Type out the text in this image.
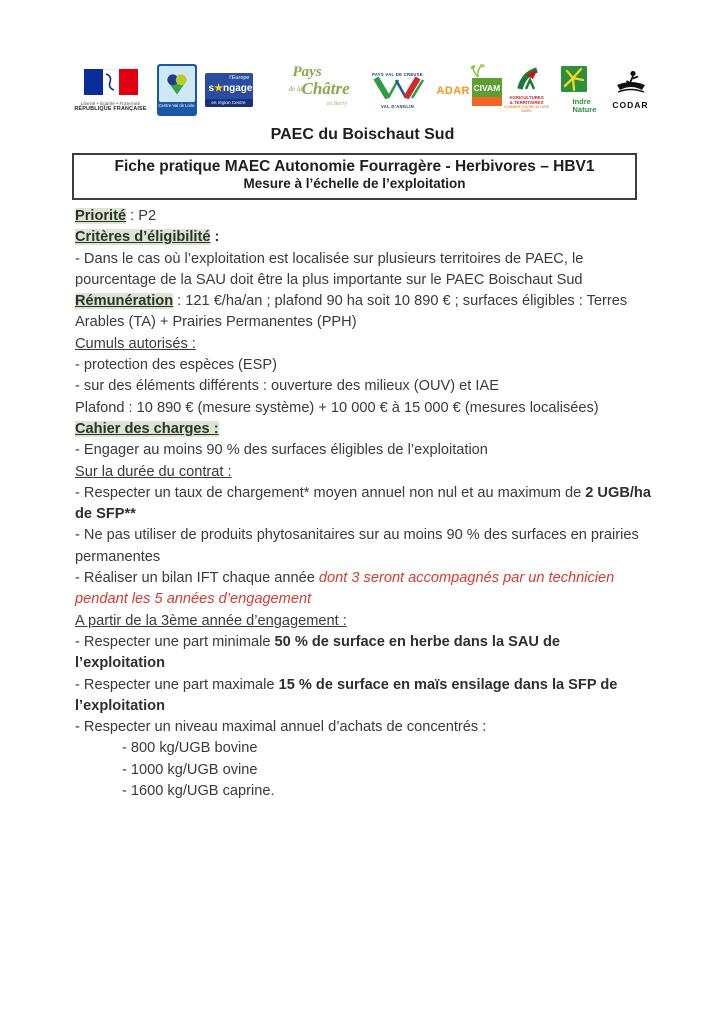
Liberté • Égalité • Fraternité
RÉPUBLIQUE FRANÇAISE	Centre-Val de Loire
l’Europe
s★ngage
en région Centre
Pays
de la Châtre
en Berry
PAYS VAL DE CREUSE
VAL D’ANGLIN
ADAR CIVAM
AGRICULTURES
& TERRITOIRES
CHAMBRE D’AGRICULTURE
INDRE
Indre
Nature	CODAR
PAEC du Boischaut Sud
Fiche pratique MAEC Autonomie Fourragère - Herbivores – HBV1
Mesure à l’échelle de l’exploitation

Priorité : P2

Critères d’éligibilité :

- Dans le cas où l’exploitation est localisée sur plusieurs territoires de PAEC, le pourcentage de la SAU doit être la plus importante sur le PAEC Boischaut Sud

Rémunération : 121 €/ha/an ; plafond 90 ha soit 10 890 € ; surfaces éligibles : Terres Arables (TA) + Prairies Permanentes (PPH)

Cumuls autorisés :

- protection des espèces (ESP)

- sur des éléments différents : ouverture des milieux (OUV) et IAE

Plafond : 10 890 € (mesure système) + 10 000 € à 15 000 € (mesures localisées)

Cahier des charges :

- Engager au moins 90 % des surfaces éligibles de l’exploitation

Sur la durée du contrat :

- Respecter un taux de chargement* moyen annuel non nul et au maximum de 2 UGB/ha de SFP**

- Ne pas utiliser de produits phytosanitaires sur au moins 90 % des surfaces en prairies permanentes

- Réaliser un bilan IFT chaque année dont 3 seront accompagnés par un technicien pendant les 5 années d’engagement

A partir de la 3ème année d’engagement :

- Respecter une part minimale 50 % de surface en herbe dans la SAU de l’exploitation

- Respecter une part maximale 15 % de surface en maïs ensilage dans la SFP de l’exploitation

- Respecter un niveau maximal annuel d’achats de concentrés :

- 800 kg/UGB bovine

- 1000 kg/UGB ovine

- 1600 kg/UGB caprine.
